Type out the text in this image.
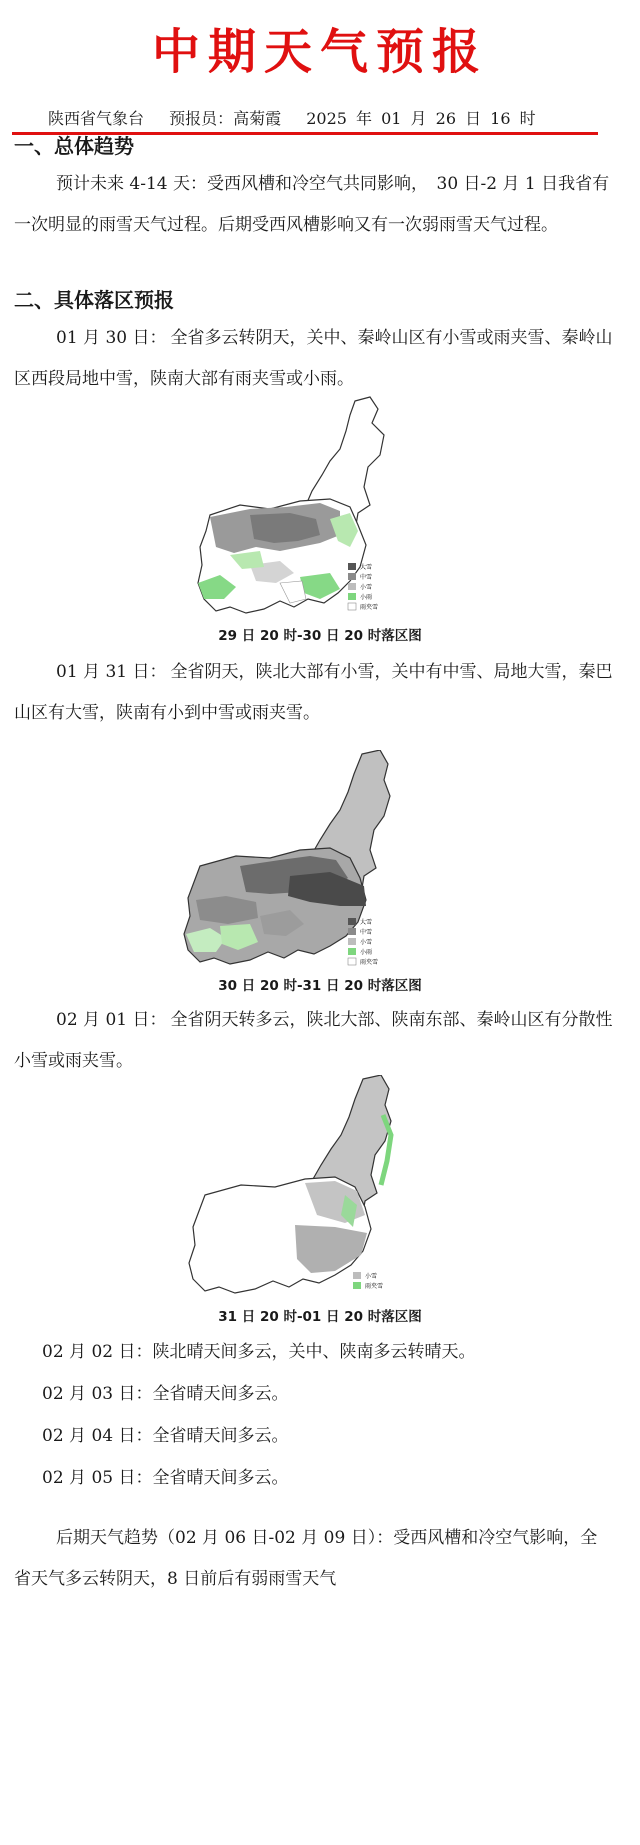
中期天气预报
陕西省气象台　 预报员：高菊霞　 2025 年 01 月 26 日 16 时
一、总体趋势
预计未来 4-14 天：受西风槽和冷空气共同影响，　30 日-2 月 1 日我省有一次明显的雨雪天气过程。后期受西风槽影响又有一次弱雨雪天气过程。
二、具体落区预报
01 月 30 日： 全省多云转阴天，关中、秦岭山区有小雪或雨夹雪、秦岭山区西段局地中雪，陕南大部有雨夹雪或小雨。
大雪
中雪
小雪
小雨
雨夹雪
29 日 20 时-30 日 20 时落区图
01 月 31 日： 全省阴天，陕北大部有小雪，关中有中雪、局地大雪，秦巴山区有大雪，陕南有小到中雪或雨夹雪。
大雪
中雪
小雪
小雨
雨夹雪
30 日 20 时-31 日 20 时落区图
02 月 01 日： 全省阴天转多云，陕北大部、陕南东部、秦岭山区有分散性小雪或雨夹雪。
小雪
雨夹雪
31 日 20 时-01 日 20 时落区图
02 月 02 日：陕北晴天间多云，关中、陕南多云转晴天。
02 月 03 日：全省晴天间多云。
02 月 04 日：全省晴天间多云。
02 月 05 日：全省晴天间多云。
后期天气趋势（02 月 06 日-02 月 09 日）：受西风槽和冷空气影响，全省天气多云转阴天，8 日前后有弱雨雪天气
